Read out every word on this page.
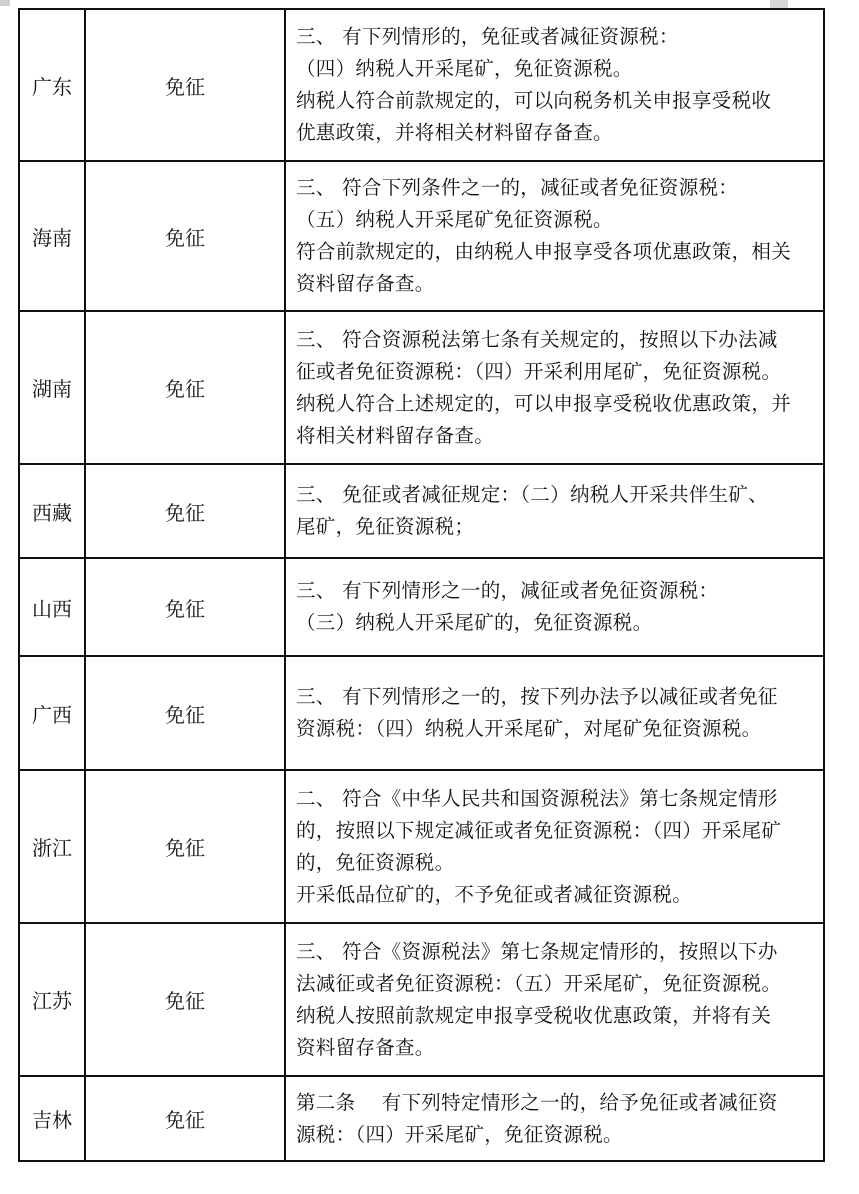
广东	免征	三、 有下列情形的，免征或者减征资源税：
（四）纳税人开采尾矿，免征资源税。
纳税人符合前款规定的，可以向税务机关申报享受税收
优惠政策，并将相关材料留存备查。

海南	免征	三、 符合下列条件之一的，减征或者免征资源税：
（五）纳税人开采尾矿免征资源税。
符合前款规定的，由纳税人申报享受各项优惠政策，相关
资料留存备查。

湖南	免征	三、 符合资源税法第七条有关规定的，按照以下办法减
征或者免征资源税：（四）开采利用尾矿，免征资源税。
纳税人符合上述规定的，可以申报享受税收优惠政策，并
将相关材料留存备查。

西藏	免征	三、 免征或者减征规定：（二）纳税人开采共伴生矿、
尾矿，免征资源税；

山西	免征	三、 有下列情形之一的，减征或者免征资源税：
（三）纳税人开采尾矿的，免征资源税。

广西	免征	三、 有下列情形之一的，按下列办法予以减征或者免征
资源税：（四）纳税人开采尾矿，对尾矿免征资源税。

浙江	免征	二、 符合《中华人民共和国资源税法》第七条规定情形
的，按照以下规定减征或者免征资源税：（四）开采尾矿
的，免征资源税。
开采低品位矿的，不予免征或者减征资源税。

江苏	免征	三、 符合《资源税法》第七条规定情形的，按照以下办
法减征或者免征资源税：（五）开采尾矿，免征资源税。
纳税人按照前款规定申报享受税收优惠政策，并将有关
资料留存备查。

吉林	免征	第二条　 有下列特定情形之一的，给予免征或者减征资
源税：（四）开采尾矿，免征资源税。
